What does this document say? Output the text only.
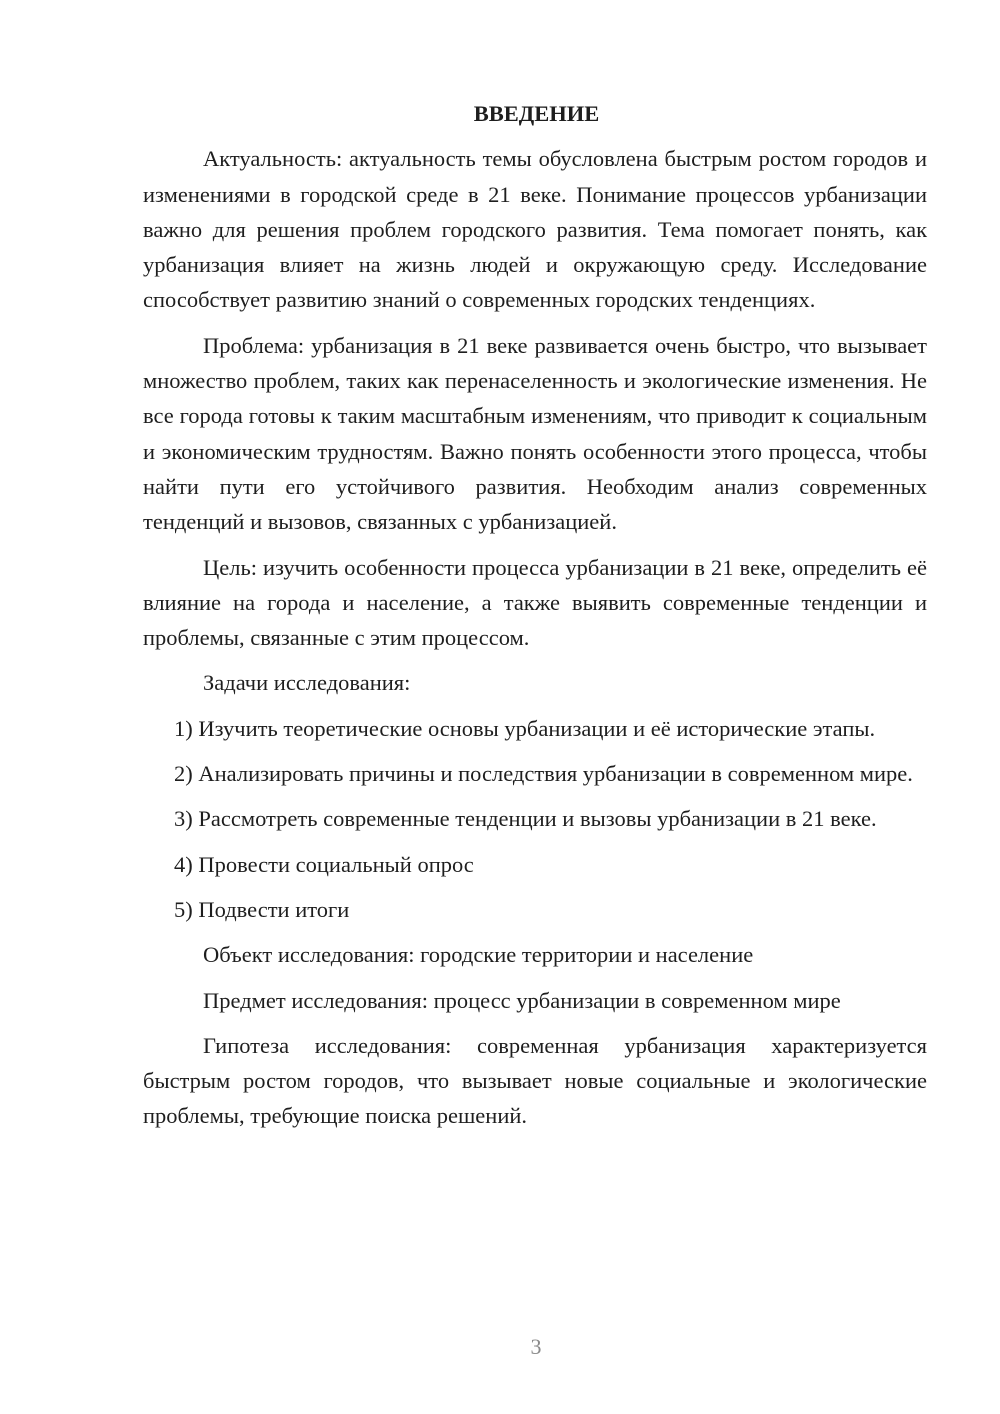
ВВЕДЕНИЕ

Актуальность: актуальность темы обусловлена быстрым ростом городов и изменениями в городской среде в 21 веке. Понимание процессов урбанизации важно для решения проблем городского развития. Тема помогает понять, как урбанизация влияет на жизнь людей и окружающую среду. Исследование способствует развитию знаний о современных городских тенденциях.

Проблема: урбанизация в 21 веке развивается очень быстро, что вызывает множество проблем, таких как перенаселенность и экологические изменения. Не все города готовы к таким масштабным изменениям, что приводит к социальным и экономическим трудностям. Важно понять особенности этого процесса, чтобы найти пути его устойчивого развития. Необходим анализ современных тенденций и вызовов, связанных с урбанизацией.

Цель: изучить особенности процесса урбанизации в 21 веке, определить её влияние на города и население, а также выявить современные тенденции и проблемы, связанные с этим процессом.

Задачи исследования:

1) Изучить теоретические основы урбанизации и её исторические этапы.

2) Анализировать причины и последствия урбанизации в современном мире.

3) Рассмотреть современные тенденции и вызовы урбанизации в 21 веке.

4) Провести социальный опрос

5) Подвести итоги

Объект исследования: городские территории и население

Предмет исследования: процесс урбанизации в современном мире

Гипотеза исследования: современная урбанизация характеризуется быстрым ростом городов, что вызывает новые социальные и экологические проблемы, требующие поиска решений.

3
